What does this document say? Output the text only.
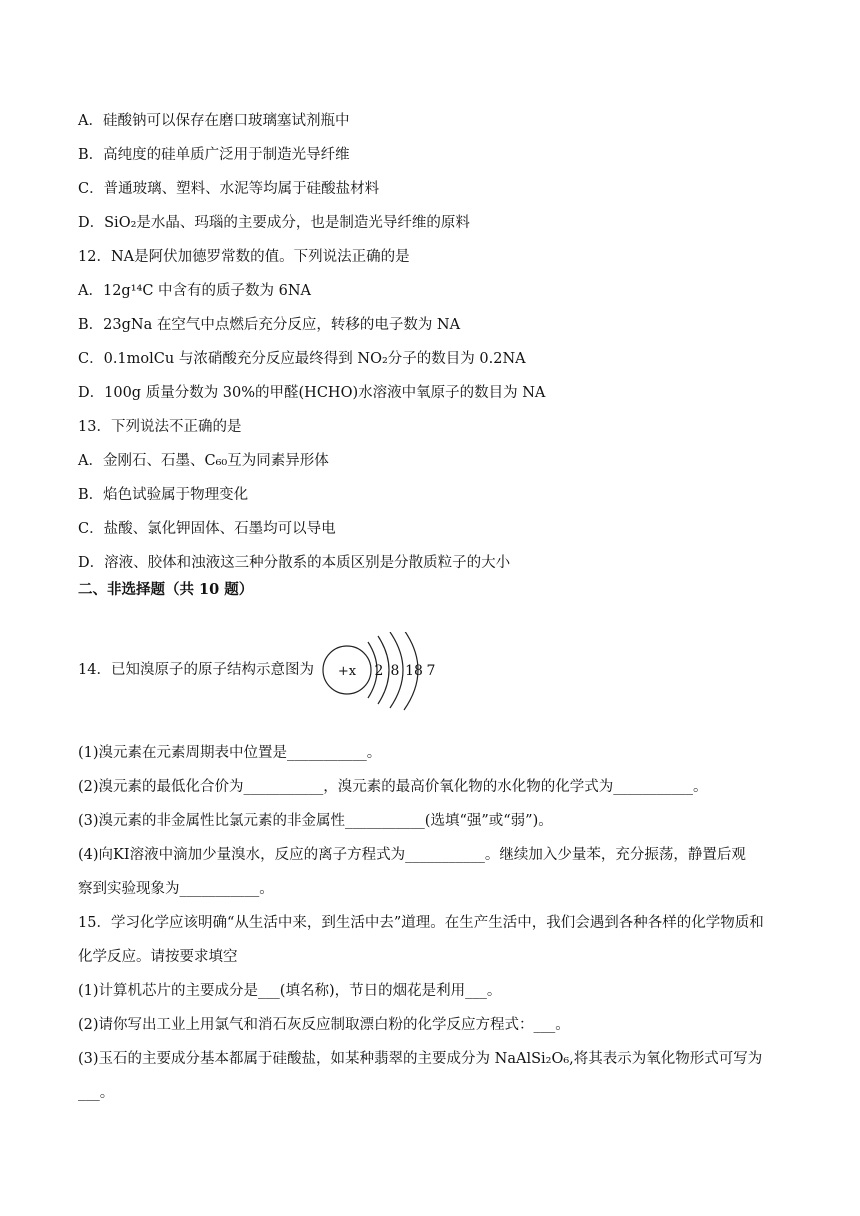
A．硅酸钠可以保存在磨口玻璃塞试剂瓶中
B．高纯度的硅单质广泛用于制造光导纤维
C．普通玻璃、塑料、水泥等均属于硅酸盐材料
D．SiO₂是水晶、玛瑙的主要成分，也是制造光导纤维的原料
12．NA是阿伏加德罗常数的值。下列说法正确的是
A．12g¹⁴C 中含有的质子数为 6NA
B．23gNa 在空气中点燃后充分反应，转移的电子数为 NA
C．0.1molCu 与浓硝酸充分反应最终得到 NO₂分子的数目为 0.2NA
D．100g 质量分数为 30%的甲醛(HCHO)水溶液中氧原子的数目为 NA
13．下列说法不正确的是
A．金刚石、石墨、C₆₀互为同素异形体
B．焰色试验属于物理变化
C．盐酸、氯化钾固体、石墨均可以导电
D．溶液、胶体和浊液这三种分散系的本质区别是分散质粒子的大小
二、非选择题（共 10 题）
14．已知溴原子的原子结构示意图为 +x 2 8 18 7
(1)溴元素在元素周期表中位置是___________。
(2)溴元素的最低化合价为___________，溴元素的最高价氧化物的水化物的化学式为___________。
(3)溴元素的非金属性比氯元素的非金属性___________(选填“强”或“弱”)。
(4)向KI溶液中滴加少量溴水，反应的离子方程式为___________。继续加入少量苯，充分振荡，静置后观
察到实验现象为___________。
15．学习化学应该明确“从生活中来，到生活中去”道理。在生产生活中，我们会遇到各种各样的化学物质和
化学反应。请按要求填空
(1)计算机芯片的主要成分是___(填名称)，节日的烟花是利用___。
(2)请你写出工业上用氯气和消石灰反应制取漂白粉的化学反应方程式：___。
(3)玉石的主要成分基本都属于硅酸盐，如某种翡翠的主要成分为 NaAlSi₂O₆,将其表示为氧化物形式可写为
___。
